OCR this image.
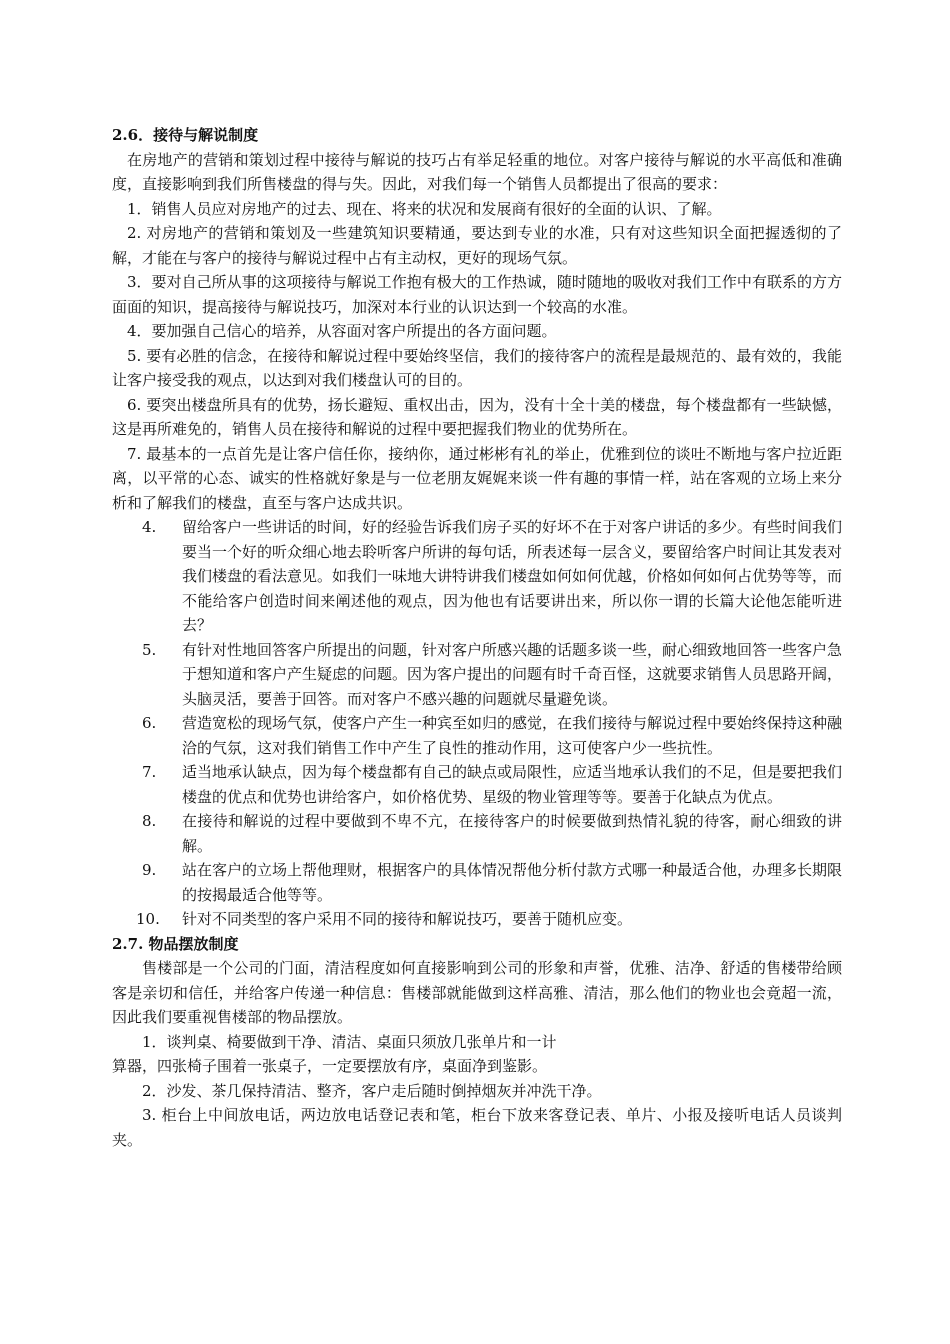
2.6．接待与解说制度

在房地产的营销和策划过程中接待与解说的技巧占有举足轻重的地位。对客户接待与解说的水平高低和准确度，直接影响到我们所售楼盘的得与失。因此，对我们每一个销售人员都提出了很高的要求：

1．销售人员应对房地产的过去、现在、将来的状况和发展商有很好的全面的认识、了解。

2. 对房地产的营销和策划及一些建筑知识要精通，要达到专业的水准，只有对这些知识全面把握透彻的了解，才能在与客户的接待与解说过程中占有主动权，更好的现场气氛。

3．要对自己所从事的这项接待与解说工作抱有极大的工作热诚，随时随地的吸收对我们工作中有联系的方方面面的知识，提高接待与解说技巧，加深对本行业的认识达到一个较高的水准。

4．要加强自己信心的培养，从容面对客户所提出的各方面问题。

5. 要有必胜的信念，在接待和解说过程中要始终坚信，我们的接待客户的流程是最规范的、最有效的，我能让客户接受我的观点，以达到对我们楼盘认可的目的。

6. 要突出楼盘所具有的优势，扬长避短、重权出击，因为，没有十全十美的楼盘，每个楼盘都有一些缺憾，这是再所难免的，销售人员在接待和解说的过程中要把握我们物业的优势所在。

7. 最基本的一点首先是让客户信任你，接纳你，通过彬彬有礼的举止，优雅到位的谈吐不断地与客户拉近距离，以平常的心态、诚实的性格就好象是与一位老朋友娓娓来谈一件有趣的事情一样，站在客观的立场上来分析和了解我们的楼盘，直至与客户达成共识。

4. 留给客户一些讲话的时间，好的经验告诉我们房子买的好坏不在于对客户讲话的多少。有些时间我们要当一个好的听众细心地去聆听客户所讲的每句话，所表述每一层含义，要留给客户时间让其发表对我们楼盘的看法意见。如我们一味地大讲特讲我们楼盘如何如何优越，价格如何如何占优势等等，而不能给客户创造时间来阐述他的观点，因为他也有话要讲出来，所以你一谓的长篇大论他怎能听进去？
5. 有针对性地回答客户所提出的问题，针对客户所感兴趣的话题多谈一些，耐心细致地回答一些客户急于想知道和客户产生疑虑的问题。因为客户提出的问题有时千奇百怪，这就要求销售人员思路开阔，头脑灵活，要善于回答。而对客户不感兴趣的问题就尽量避免谈。
6. 营造宽松的现场气氛，使客户产生一种宾至如归的感觉，在我们接待与解说过程中要始终保持这种融洽的气氛，这对我们销售工作中产生了良性的推动作用，这可使客户少一些抗性。
7. 适当地承认缺点，因为每个楼盘都有自己的缺点或局限性，应适当地承认我们的不足，但是要把我们楼盘的优点和优势也讲给客户，如价格优势、星级的物业管理等等。要善于化缺点为优点。
8. 在接待和解说的过程中要做到不卑不亢，在接待客户的时候要做到热情礼貌的待客，耐心细致的讲解。
9. 站在客户的立场上帮他理财，根据客户的具体情况帮他分析付款方式哪一种最适合他，办理多长期限的按揭最适合他等等。
10. 针对不同类型的客户采用不同的接待和解说技巧，要善于随机应变。

2.7. 物品摆放制度

售楼部是一个公司的门面，清洁程度如何直接影响到公司的形象和声誉，优雅、洁净、舒适的售楼带给顾客是亲切和信任，并给客户传递一种信息：售楼部就能做到这样高雅、清洁，那么他们的物业也会竟超一流，因此我们要重视售楼部的物品摆放。

1．谈判桌、椅要做到干净、清洁、桌面只须放几张单片和一计

算器，四张椅子围着一张桌子，一定要摆放有序，桌面净到鉴影。

2．沙发、茶几保持清洁、整齐，客户走后随时倒掉烟灰并冲洗干净。

3. 柜台上中间放电话，两边放电话登记表和笔，柜台下放来客登记表、单片、小报及接听电话人员谈判夹。
